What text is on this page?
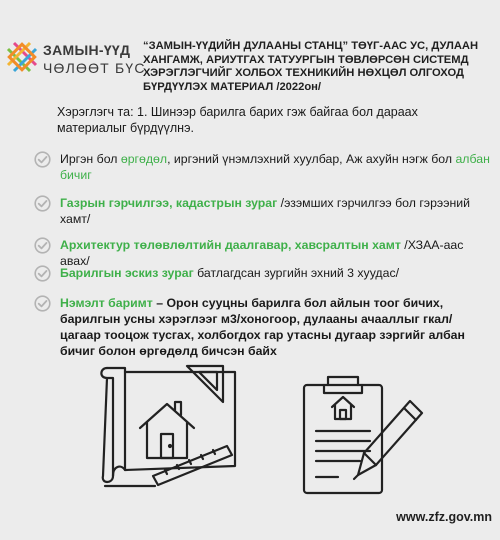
ЗАМЫН-ҮҮД
ЧӨЛӨӨТ БҮС
“ЗАМЫН-ҮҮДИЙН ДУЛААНЫ СТАНЦ” ТӨҮГ-ААС УС, ДУЛААН ХАНГАМЖ, АРИУТГАХ ТАТУУРГЫН ТӨВЛӨРСӨН СИСТЕМД ХЭРЭГЛЭГЧИЙГ ХОЛБОХ ТЕХНИКИЙН НӨХЦӨЛ ОЛГОХОД БҮРДҮҮЛЭХ МАТЕРИАЛ /2022он/
Хэрэглэгч та: 1. Шинээр барилга барих гэж байгаа бол дараах материалыг бүрдүүлнэ.
Иргэн бол өргөдөл, иргэний үнэмлэхний хуулбар, Аж ахуйн нэгж бол албан бичиг
Газрын гэрчилгээ, кадастрын зураг /эзэмших гэрчилгээ бол гэрээний хамт/
Архитектур төлөвлөлтийн даалгавар, хавсралтын хамт /ХЗАА-аас авах/
Барилгын эскиз зураг батлагдсан зургийн эхний 3 хуудас/
Нэмэлт баримт – Орон сууцны барилга бол айлын тоог бичих, барилгын усны хэрэглээг м3/хоногоор, дулааны ачааллыг гкал/цагаар тооцож тусгах, холбогдох гар утасны дугаар зэргийг албан бичиг болон өргөдөлд бичсэн байх
www.zfz.gov.mn
